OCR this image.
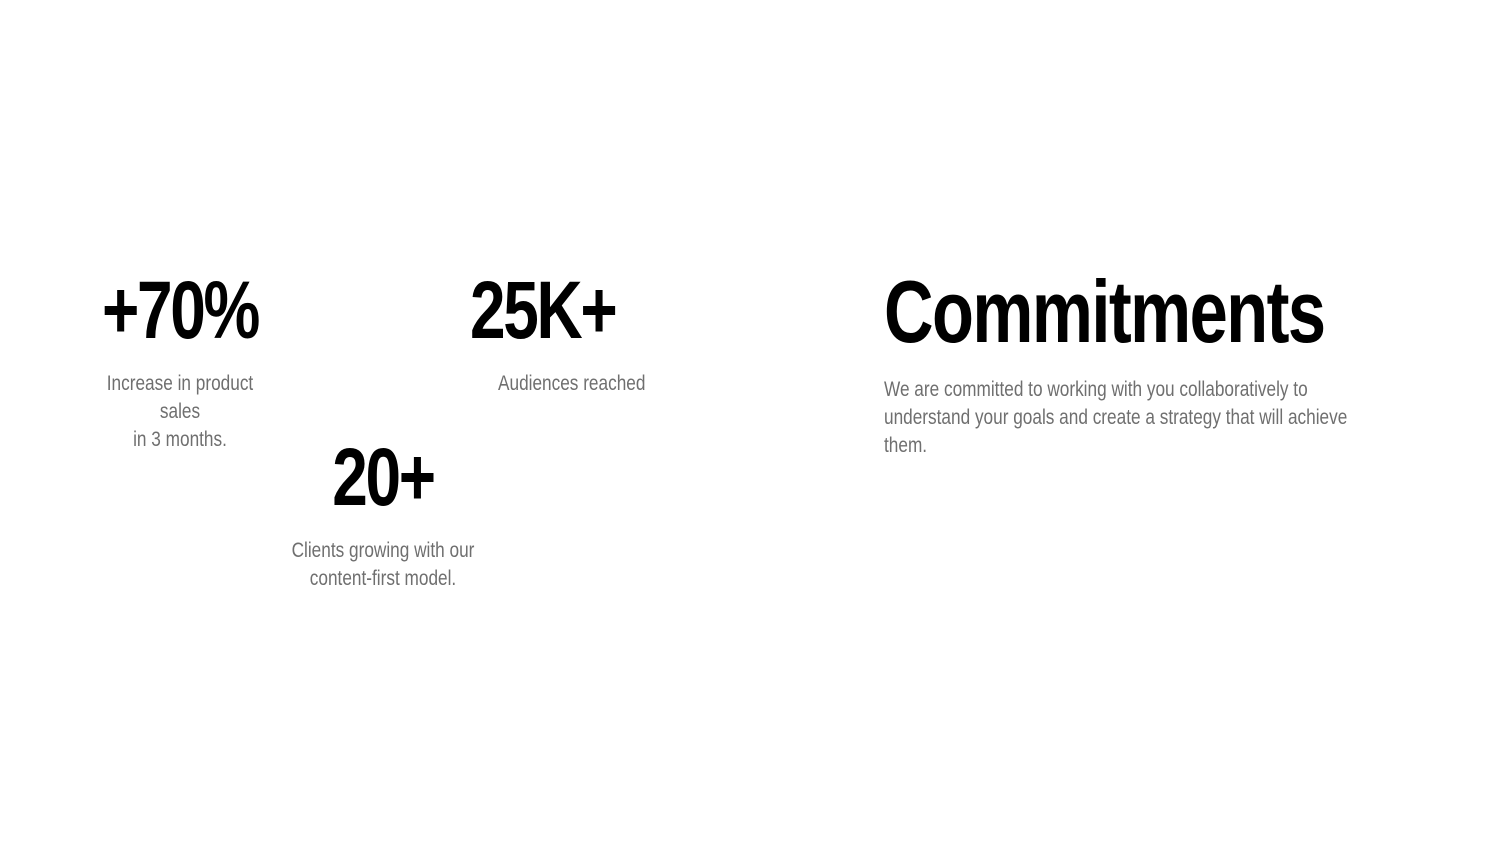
+70%
Increase in product
sales
in 3 months.
25K+
Audiences reached
20+
Clients growing with our
content-first model.
Commitments
We are committed to working with you collaboratively to understand your goals and create a strategy that will achieve them.
